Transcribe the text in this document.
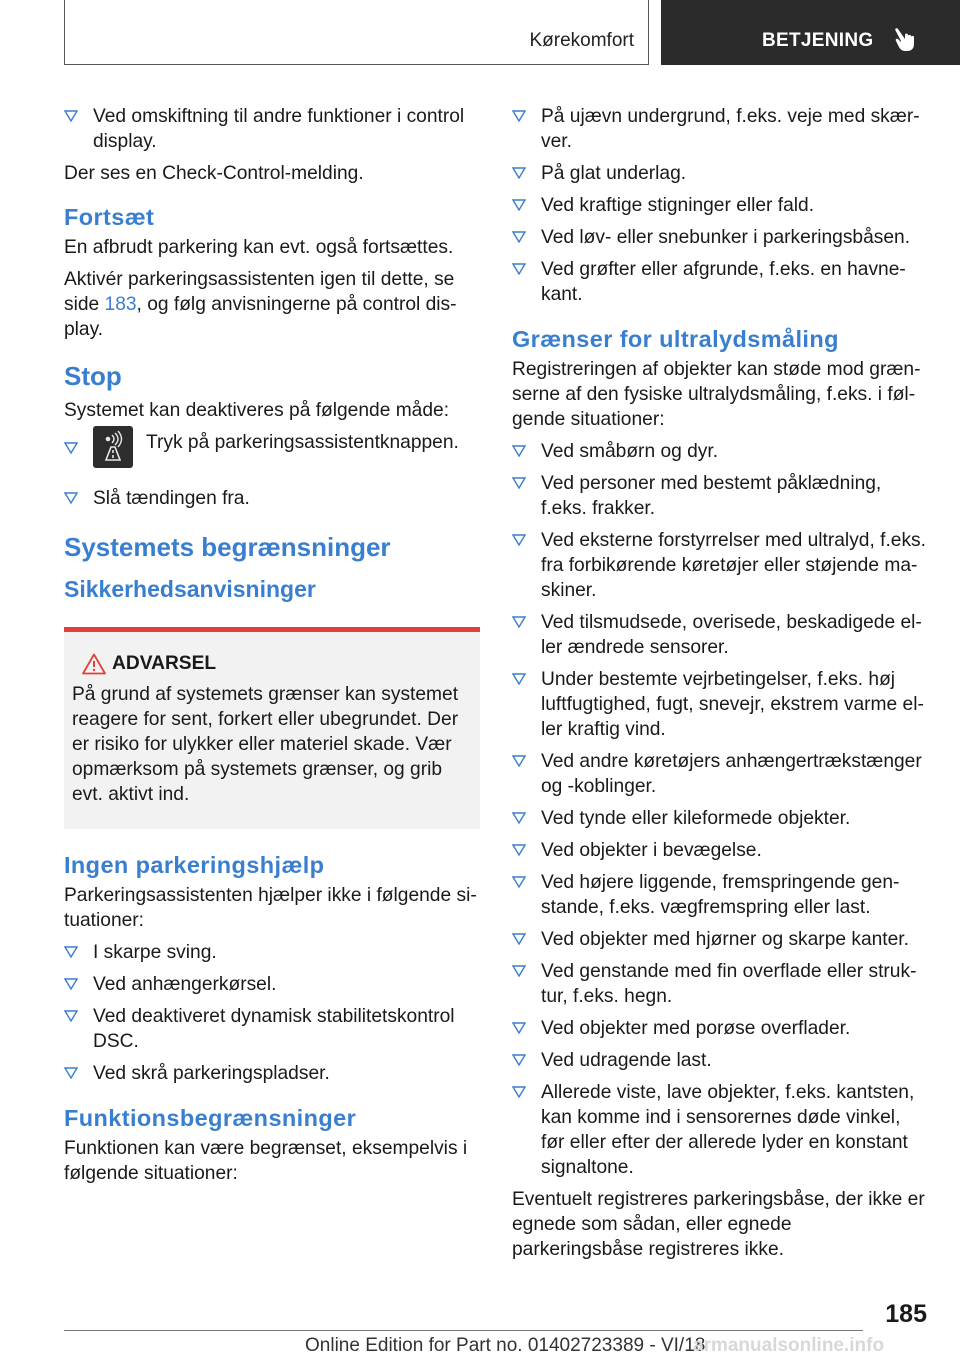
Kørekomfort	BETJENING
Ved omskiftning til andre funktioner i control display.

Der ses en Check-Control-melding.

Fortsæt

En afbrudt parkering kan evt. også fortsættes.

Aktivér parkeringsassistenten igen til dette, se side 183, og følg anvisningerne på control display.

Stop

Systemet kan deaktiveres på følgende måde:

Tryk på parkeringsassistentknappen.
Slå tændingen fra.
Systemets begrænsninger
Sikkerhedsanvisninger
ADVARSEL

På grund af systemets grænser kan systemet reagere for sent, forkert eller ubegrundet. Der er risiko for ulykker eller materiel skade. Vær opmærksom på systemets grænser, og grib evt. aktivt ind.

Ingen parkeringshjælp

Parkeringsassistenten hjælper ikke i følgende situationer:

I skarpe sving.
Ved anhængerkørsel.
Ved deaktiveret dynamisk stabilitetskontrol DSC.
Ved skrå parkeringspladser.
Funktionsbegrænsninger

Funktionen kan være begrænset, eksempelvis i følgende situationer:

På ujævn undergrund, f.eks. veje med skærver.
På glat underlag.
Ved kraftige stigninger eller fald.
Ved løv- eller snebunker i parkeringsbåsen.
Ved grøfter eller afgrunde, f.eks. en havnekant.
Grænser for ultralydsmåling

Registreringen af objekter kan støde mod grænserne af den fysiske ultralydsmåling, f.eks. i følgende situationer:

Ved småbørn og dyr.
Ved personer med bestemt påklædning, f.eks. frakker.
Ved eksterne forstyrrelser med ultralyd, f.eks. fra forbikørende køretøjer eller støjende maskiner.
Ved tilsmudsede, overisede, beskadigede eller ændrede sensorer.
Under bestemte vejrbetingelser, f.eks. høj luftfugtighed, fugt, snevejr, ekstrem varme eller kraftig vind.
Ved andre køretøjers anhængertrækstænger og -koblinger.
Ved tynde eller kileformede objekter.
Ved objekter i bevægelse.
Ved højere liggende, fremspringende genstande, f.eks. vægfremspring eller last.
Ved objekter med hjørner og skarpe kanter.
Ved genstande med fin overflade eller struktur, f.eks. hegn.
Ved objekter med porøse overflader.
Ved udragende last.
Allerede viste, lave objekter, f.eks. kantsten, kan komme ind i sensorernes døde vinkel, før eller efter der allerede lyder en konstant signaltone.

Eventuelt registreres parkeringsbåse, der ikke er egnede som sådan, eller egnede parkeringsbåse registreres ikke.

185
Online Edition for Part no. 01402723389 - VI/18
armanualsonline.info
